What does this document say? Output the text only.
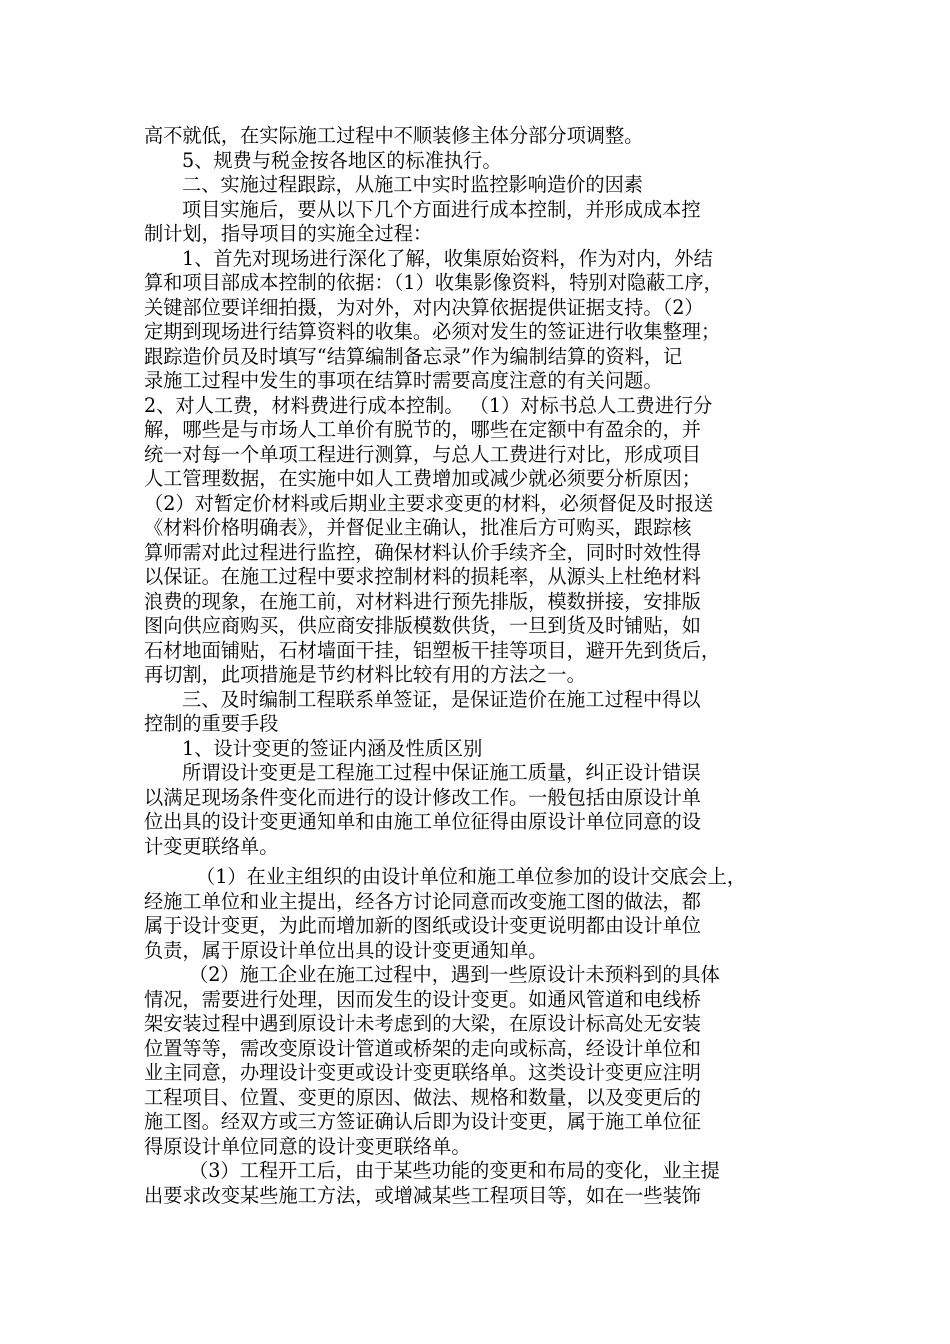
高不就低，在实际施工过程中不顺装修主体分部分项调整。
5、规费与税金按各地区的标准执行。
二、实施过程跟踪，从施工中实时监控影响造价的因素
项目实施后，要从以下几个方面进行成本控制，并形成成本控
制计划，指导项目的实施全过程：
1、首先对现场进行深化了解，收集原始资料，作为对内，外结
算和项目部成本控制的依据：（1）收集影像资料，特别对隐蔽工序，
关键部位要详细拍摄，为对外，对内决算依据提供证据支持。（2）
定期到现场进行结算资料的收集。必须对发生的签证进行收集整理；
跟踪造价员及时填写“结算编制备忘录”作为编制结算的资料，记
录施工过程中发生的事项在结算时需要高度注意的有关问题。
2、对人工费，材料费进行成本控制。 （1）对标书总人工费进行分
解，哪些是与市场人工单价有脱节的，哪些在定额中有盈余的，并
统一对每一个单项工程进行测算，与总人工费进行对比，形成项目
人工管理数据，在实施中如人工费增加或减少就必须要分析原因；
（2）对暂定价材料或后期业主要求变更的材料，必须督促及时报送
《材料价格明确表》，并督促业主确认，批准后方可购买，跟踪核
算师需对此过程进行监控，确保材料认价手续齐全，同时时效性得
以保证。在施工过程中要求控制材料的损耗率，从源头上杜绝材料
浪费的现象，在施工前，对材料进行预先排版，模数拼接，安排版
图向供应商购买，供应商安排版模数供货，一旦到货及时铺贴，如
石材地面铺贴，石材墙面干挂，铝塑板干挂等项目，避开先到货后，
再切割，此项措施是节约材料比较有用的方法之一。
三、及时编制工程联系单签证，是保证造价在施工过程中得以
控制的重要手段
1、设计变更的签证内涵及性质区别
所谓设计变更是工程施工过程中保证施工质量，纠正设计错误
以满足现场条件变化而进行的设计修改工作。一般包括由原设计单
位出具的设计变更通知单和由施工单位征得由原设计单位同意的设
计变更联络单。
（1）在业主组织的由设计单位和施工单位参加的设计交底会上，
经施工单位和业主提出，经各方讨论同意而改变施工图的做法，都
属于设计变更，为此而增加新的图纸或设计变更说明都由设计单位
负责，属于原设计单位出具的设计变更通知单。
（2）施工企业在施工过程中，遇到一些原设计未预料到的具体
情况，需要进行处理，因而发生的设计变更。如通风管道和电线桥
架安装过程中遇到原设计未考虑到的大梁，在原设计标高处无安装
位置等等，需改变原设计管道或桥架的走向或标高，经设计单位和
业主同意，办理设计变更或设计变更联络单。这类设计变更应注明
工程项目、位置、变更的原因、做法、规格和数量，以及变更后的
施工图。经双方或三方签证确认后即为设计变更，属于施工单位征
得原设计单位同意的设计变更联络单。
（3）工程开工后，由于某些功能的变更和布局的变化，业主提
出要求改变某些施工方法，或增减某些工程项目等，如在一些装饰
